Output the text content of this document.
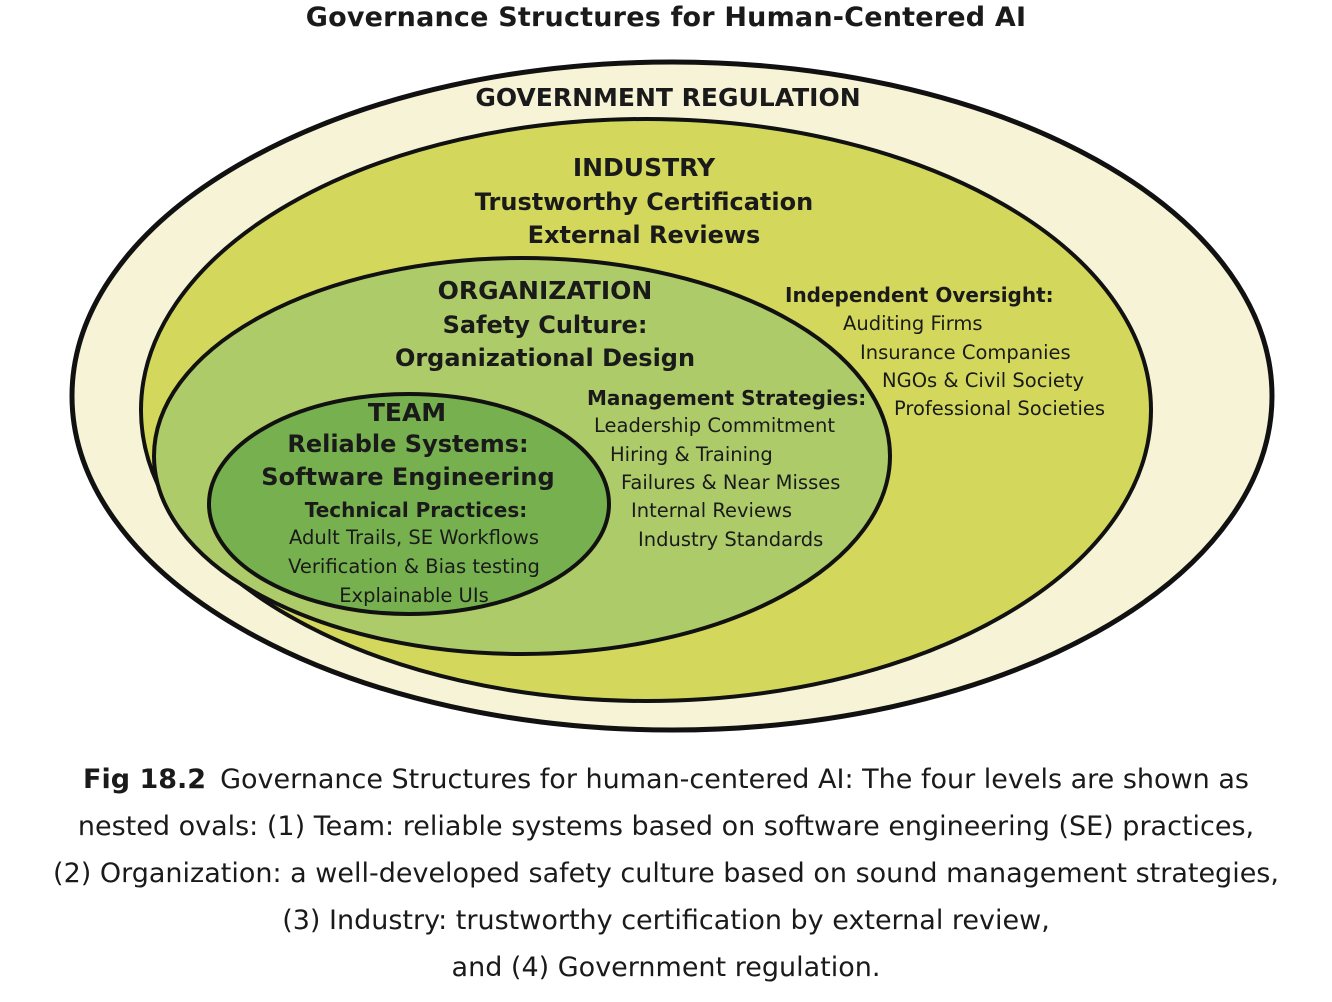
Governance Structures for Human-Centered AI
GOVERNMENT REGULATION
INDUSTRY
Trustworthy Certification
External Reviews
Independent Oversight:
Auditing Firms
Insurance Companies
NGOs & Civil Society
Professional Societies
ORGANIZATION
Safety Culture:
Organizational Design
Management Strategies:
Leadership Commitment
Hiring & Training
Failures & Near Misses
Internal Reviews
Industry Standards
TEAM
Reliable Systems:
Software Engineering
Technical Practices:
Adult Trails, SE Workflows
Verification & Bias testing
Explainable UIs
Fig 18.2 Governance Structures for human-centered AI: The four levels are shown as
nested ovals: (1) Team: reliable systems based on software engineering (SE) practices,
(2) Organization: a well-developed safety culture based on sound management strategies,
(3) Industry: trustworthy certification by external review,
and (4) Government regulation.
